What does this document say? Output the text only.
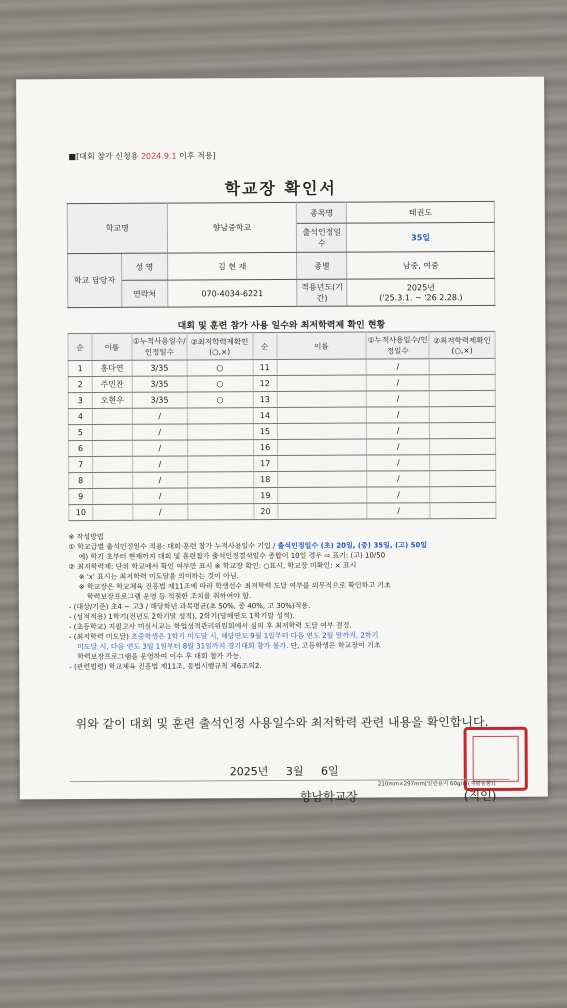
■[대회 참가 신청용 2024.9.1 이후 적용]
학교장 확인서
학교명		향남중학교	종목명	태권도
			출석인정일수	35일
학교 담당자	성 명	김 현 재	종별	남중, 여중
	연락처	070-4034-6221	적용년도(기간)	2025년
('25.3.1. ~ '26 2.28.)
대회 및 훈련 참가 사용 일수와 최저학력제 확인 현황
순	이름	①누적사용일수/인정일수	②최저학력제확인(○,×)	순	이름	①누적사용일수/인정일수	②최저학력제확인(○,×)
1	홍다연	3/35	○	11		/	
2	주민찬	3/35	○	12		/	
3	오현우	3/35	○	13		/	
4		/		14		/	
5		/		15		/	
6		/		16		/	
7		/		17		/	
8		/		18		/	
9		/		19		/	
10		/		20		/	
※ 작성방법
① 학교급별 출석인정일수 적용: 대회·훈련 참가 누적사용일수 기입 / 출석인정일수 (초) 20일, (중) 35일, (고) 50일
예) 학기 초부터 현재까지 대회 및 훈련참가 출석인정결석일수 종합이 10일 경우 ⇨ 표기: (고) 10/50
② 최저학력제: 단위 학교에서 확인 여부만 표시 ※ 학교장 확인: ○표시, 학교장 미확인: × 표시
※ 'x' 표시는 최저학력 미도달을 의미하는 것이 아님.
※ 학교장은 학교체육 진흥법 제11조에 따라 학생선수 최저학력 도달 여부를 의무적으로 확인하고 기초
학력보장프로그램 운영 등 적절한 조치를 취하여야 함.
- (대상/기준) 초4 ~ 고3 / 해당학년 과목평균(초 50%, 중 40%, 고 30%)적용.
- (성적적용) 1학기(전년도 2학기말 성적), 2학기(당해연도 1학기말 성적).
- (초등학교) 지필고사 미실시교는 학업성적관리위원회에서 심의 후 최저학력 도달 여부 결정.
- (최저학력 미도달) 초중학생은 1학기 미도달 시, 해당연도 9월 1일부터 다음 연도 2월 말까지, 2학기
미도달 시, 다음 연도 3월 1일부터 8월 31일까지 경기대회 참가 불가. 단, 고등학생은 학교장이 기초
학력보장프로그램을 운영하여 이수 후 대회 참가 가능.
- (관련법령) 학교체육 진흥법 제11조, 동법시행규칙 제6조의2.
위와 같이 대회 및 훈련 출석인정 사용일수와 최저학력 관련 내용을 확인합니다.
2025년 3월 6일
향남학교장	(직인)
210mm×297mm[일반용지 60g/㎡(재활용품)]
